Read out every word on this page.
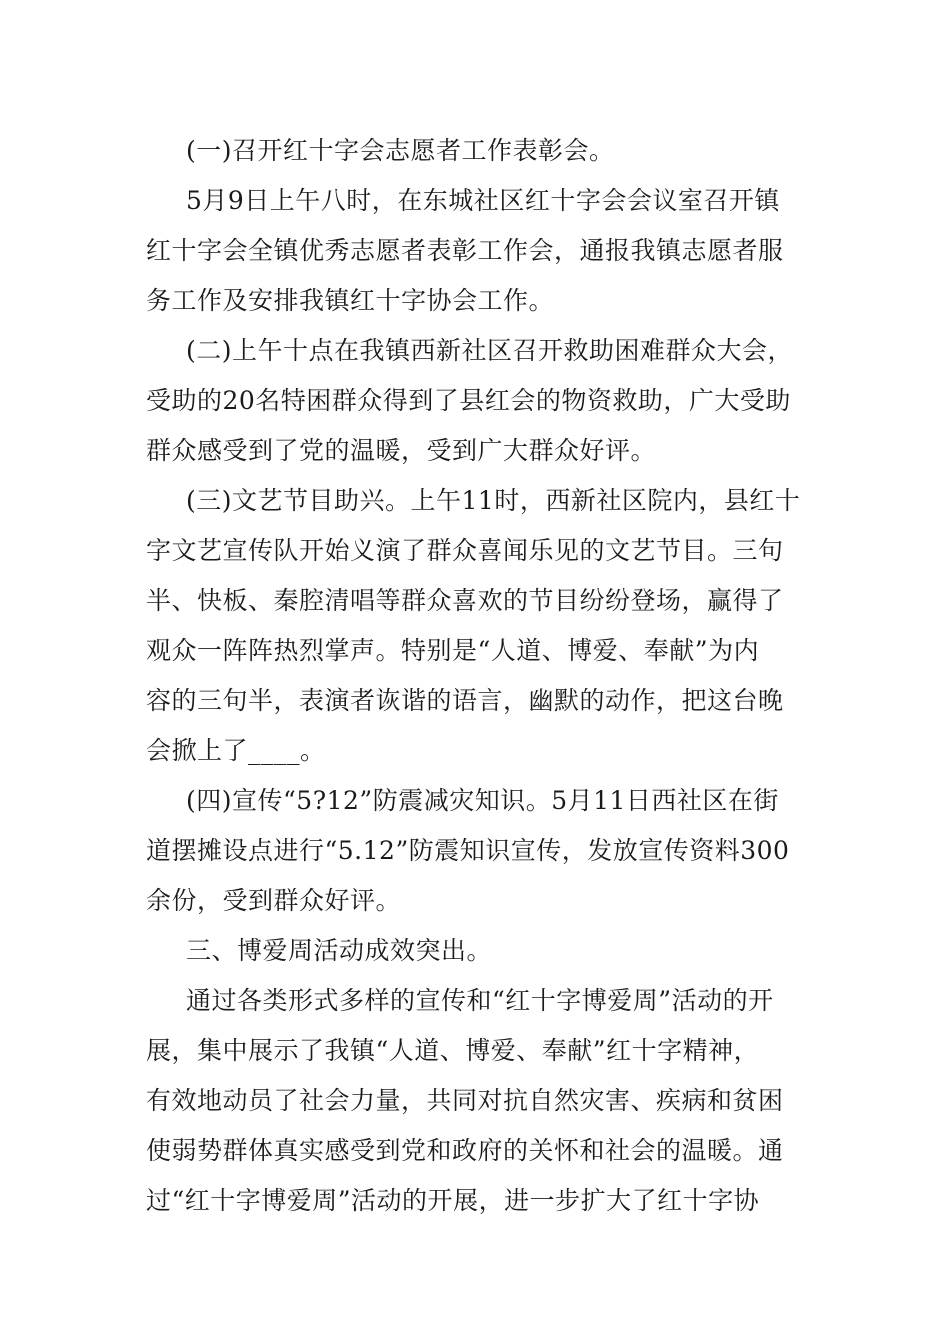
(一)召开红十字会志愿者工作表彰会。
5月9日上午八时，在东城社区红十字会会议室召开镇
红十字会全镇优秀志愿者表彰工作会，通报我镇志愿者服
务工作及安排我镇红十字协会工作。
(二)上午十点在我镇西新社区召开救助困难群众大会，
受助的20名特困群众得到了县红会的物资救助，广大受助
群众感受到了党的温暖，受到广大群众好评。
(三)文艺节目助兴。上午11时，西新社区院内，县红十
字文艺宣传队开始义演了群众喜闻乐见的文艺节目。三句
半、快板、秦腔清唱等群众喜欢的节目纷纷登场，赢得了
观众一阵阵热烈掌声。特别是“人道、博爱、奉献”为内
容的三句半，表演者诙谐的语言，幽默的动作，把这台晚
会掀上了____。
(四)宣传“5?12”防震减灾知识。5月11日西社区在街
道摆摊设点进行“5.12”防震知识宣传，发放宣传资料300
余份，受到群众好评。
三、博爱周活动成效突出。
通过各类形式多样的宣传和“红十字博爱周”活动的开
展，集中展示了我镇“人道、博爱、奉献”红十字精神，
有效地动员了社会力量，共同对抗自然灾害、疾病和贫困
使弱势群体真实感受到党和政府的关怀和社会的温暖。通
过“红十字博爱周”活动的开展，进一步扩大了红十字协
